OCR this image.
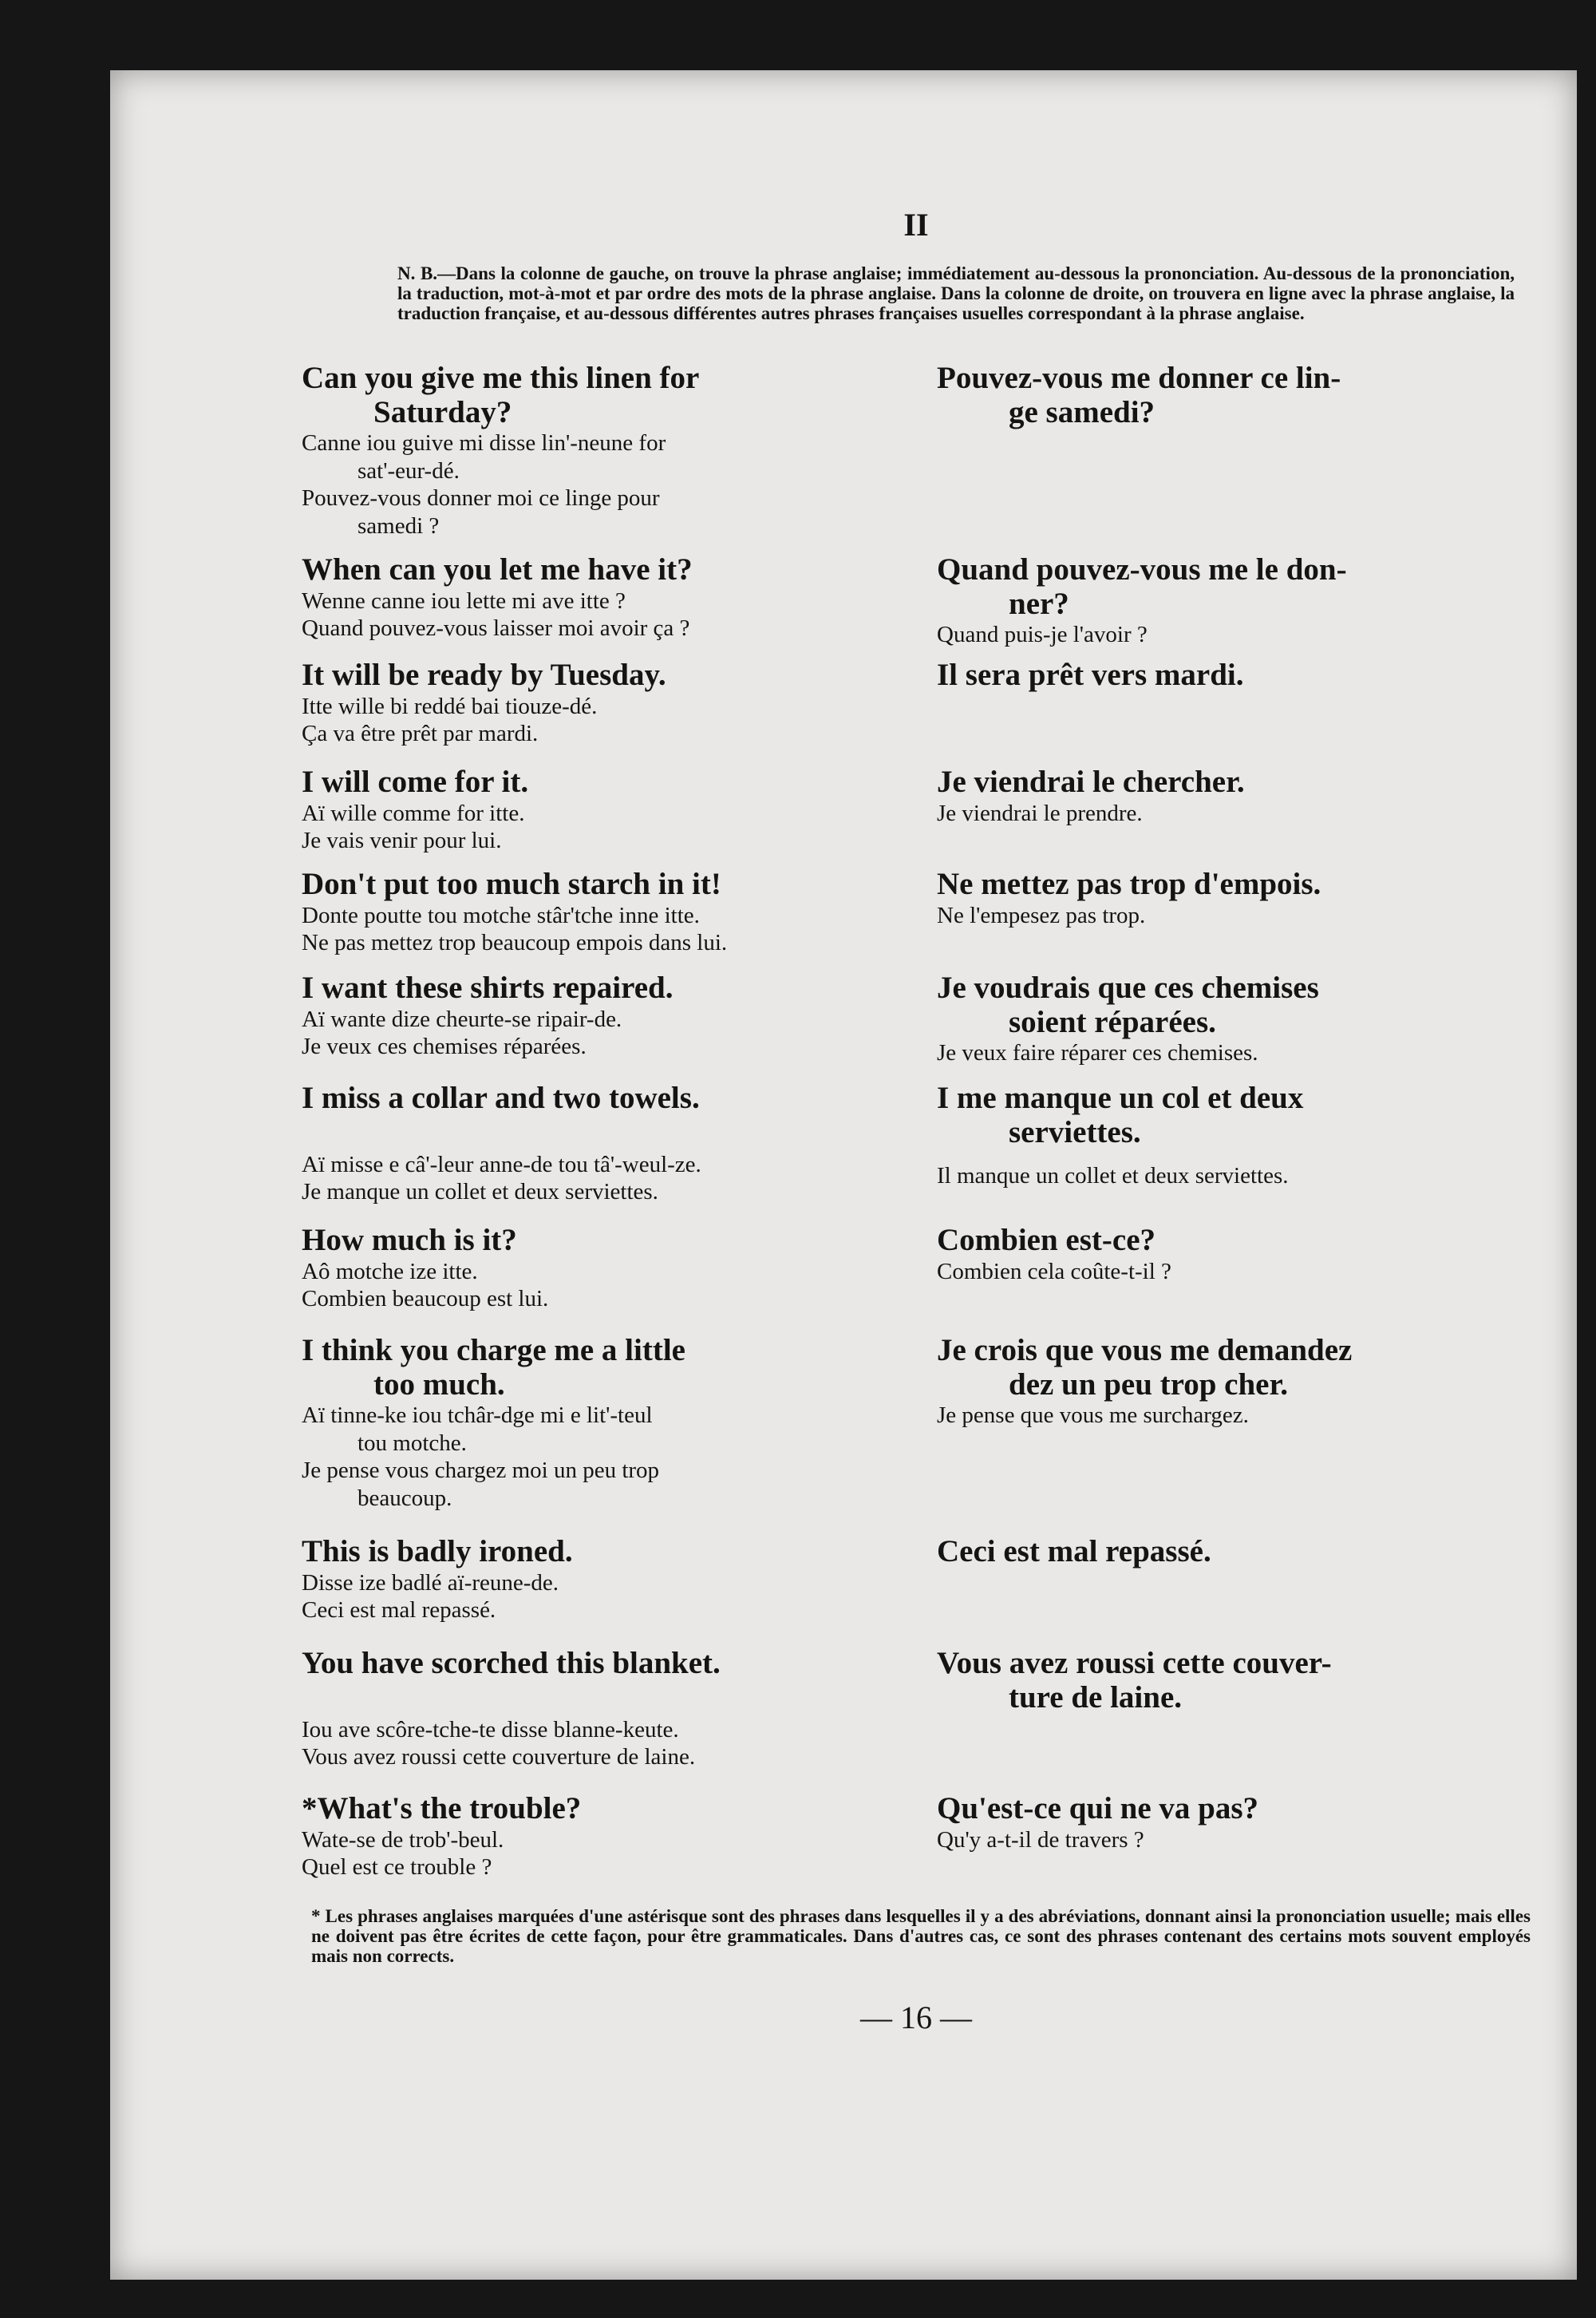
II
N. B.—Dans la colonne de gauche, on trouve la phrase anglaise; immédiatement au-dessous la prononciation. Au-dessous de la prononciation, la traduction, mot-à-mot et par ordre des mots de la phrase anglaise. Dans la colonne de droite, on trouvera en ligne avec la phrase anglaise, la traduction française, et au-dessous différentes autres phrases françaises usuelles correspondant à la phrase anglaise.

Can you give me this linen for

Saturday?

Canne iou guive mi disse lin'-neune for

sat'-eur-dé.

Pouvez-vous donner moi ce linge pour

samedi ?

Pouvez-vous me donner ce lin-

ge samedi?

When can you let me have it?

Wenne canne iou lette mi ave itte ?

Quand pouvez-vous laisser moi avoir ça ?

Quand pouvez-vous me le don-

ner?

Quand puis-je l'avoir ?

It will be ready by Tuesday.

Itte wille bi reddé bai tiouze-dé.

Ça va être prêt par mardi.

Il sera prêt vers mardi.

I will come for it.

Aï wille comme for itte.

Je vais venir pour lui.

Je viendrai le chercher.

Je viendrai le prendre.

Don't put too much starch in it!

Donte poutte tou motche stâr'tche inne itte.

Ne pas mettez trop beaucoup empois dans lui.

Ne mettez pas trop d'empois.

Ne l'empesez pas trop.

I want these shirts repaired.

Aï wante dize cheurte-se ripair-de.

Je veux ces chemises réparées.

Je voudrais que ces chemises

soient réparées.

Je veux faire réparer ces chemises.

I miss a collar and two towels.

Aï misse e câ'-leur anne-de tou tâ'-weul-ze.

Je manque un collet et deux serviettes.

I me manque un col et deux

serviettes.

Il manque un collet et deux serviettes.

How much is it?

Aô motche ize itte.

Combien beaucoup est lui.

Combien est-ce?

Combien cela coûte-t-il ?

I think you charge me a little

too much.

Aï tinne-ke iou tchâr-dge mi e lit'-teul

tou motche.

Je pense vous chargez moi un peu trop

beaucoup.

Je crois que vous me demandez

dez un peu trop cher.

Je pense que vous me surchargez.

This is badly ironed.

Disse ize badlé aï-reune-de.

Ceci est mal repassé.

Ceci est mal repassé.

You have scorched this blanket.

Iou ave scôre-tche-te disse blanne-keute.

Vous avez roussi cette couverture de laine.

Vous avez roussi cette couver-

ture de laine.

*What's the trouble?

Wate-se de trob'-beul.

Quel est ce trouble ?

Qu'est-ce qui ne va pas?

Qu'y a-t-il de travers ?

* Les phrases anglaises marquées d'une astérisque sont des phrases dans lesquelles il y a des abréviations, donnant ainsi la prononciation usuelle; mais elles ne doivent pas être écrites de cette façon, pour être grammaticales. Dans d'autres cas, ce sont des phrases contenant des certains mots souvent employés mais non corrects.
— 16 —
